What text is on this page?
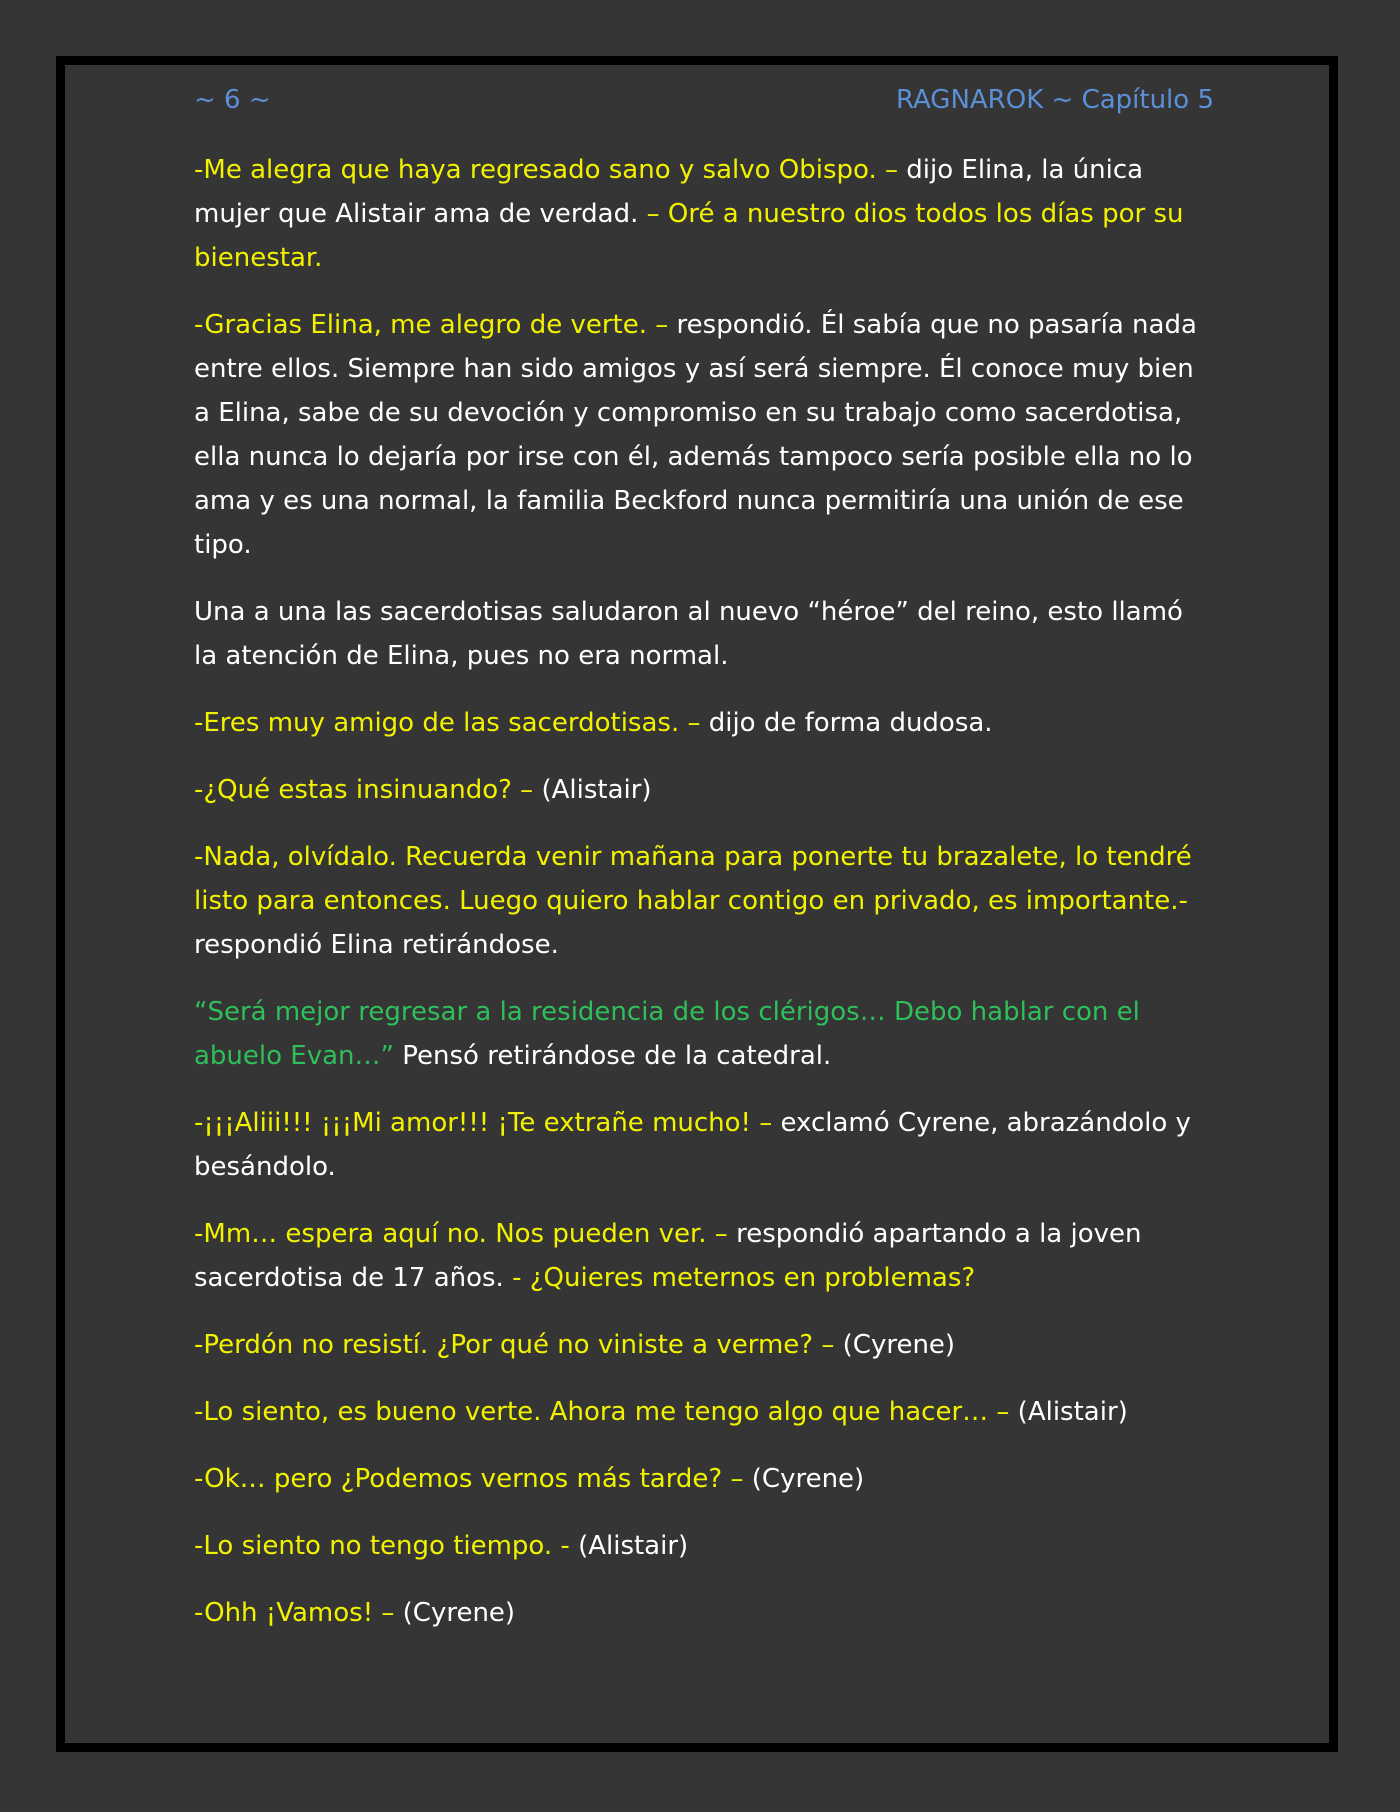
~ 6 ~	RAGNAROK ~ Capítulo 5

-Me alegra que haya regresado sano y salvo Obispo. – dijo Elina, la única mujer que Alistair ama de verdad. – Oré a nuestro dios todos los días por su bienestar.

-Gracias Elina, me alegro de verte. – respondió. Él sabía que no pasaría nada entre ellos. Siempre han sido amigos y así será siempre. Él conoce muy bien a Elina, sabe de su devoción y compromiso en su trabajo como sacerdotisa, ella nunca lo dejaría por irse con él, además tampoco sería posible ella no lo ama y es una normal, la familia Beckford nunca permitiría una unión de ese tipo.

Una a una las sacerdotisas saludaron al nuevo “héroe” del reino, esto llamó la atención de Elina, pues no era normal.

-Eres muy amigo de las sacerdotisas. – dijo de forma dudosa.

-¿Qué estas insinuando? – (Alistair)

-Nada, olvídalo. Recuerda venir mañana para ponerte tu brazalete, lo tendré listo para entonces. Luego quiero hablar contigo en privado, es importante.- respondió Elina retirándose.

“Será mejor regresar a la residencia de los clérigos… Debo hablar con el abuelo Evan…” Pensó retirándose de la catedral.

-¡¡¡Aliii!!! ¡¡¡Mi amor!!! ¡Te extrañe mucho! – exclamó Cyrene, abrazándolo y besándolo.

-Mm… espera aquí no. Nos pueden ver. – respondió apartando a la joven sacerdotisa de 17 años. - ¿Quieres meternos en problemas?

-Perdón no resistí. ¿Por qué no viniste a verme? – (Cyrene)

-Lo siento, es bueno verte. Ahora me tengo algo que hacer… – (Alistair)

-Ok… pero ¿Podemos vernos más tarde? – (Cyrene)

-Lo siento no tengo tiempo. - (Alistair)

-Ohh ¡Vamos! – (Cyrene)
